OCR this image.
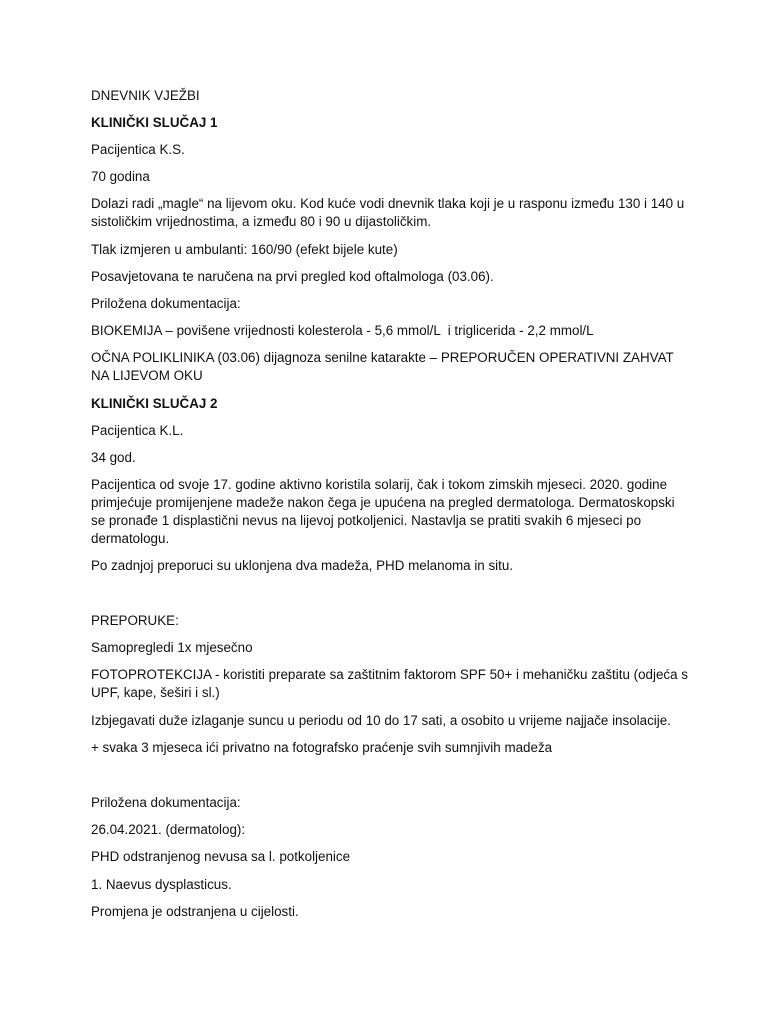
DNEVNIK VJEŽBI

KLINIČKI SLUČAJ 1

Pacijentica K.S.

70 godina

Dolazi radi „magle“ na lijevom oku. Kod kuće vodi dnevnik tlaka koji je u rasponu između 130 i 140 u sistoličkim vrijednostima, a između 80 i 90 u dijastoličkim.

Tlak izmjeren u ambulanti: 160/90 (efekt bijele kute)

Posavjetovana te naručena na prvi pregled kod oftalmologa (03.06).

Priložena dokumentacija:

BIOKEMIJA – povišene vrijednosti kolesterola - 5,6 mmol/L  i triglicerida - 2,2 mmol/L

OČNA POLIKLINIKA (03.06) dijagnoza senilne katarakte – PREPORUČEN OPERATIVNI ZAHVAT NA LIJEVOM OKU

KLINIČKI SLUČAJ 2

Pacijentica K.L.

34 god.

Pacijentica od svoje 17. godine aktivno koristila solarij, čak i tokom zimskih mjeseci. 2020. godine primjećuje promijenjene madeže nakon čega je upućena na pregled dermatologa. Dermatoskopski se pronađe 1 displastični nevus na lijevoj potkoljenici. Nastavlja se pratiti svakih 6 mjeseci po dermatologu.

Po zadnjoj preporuci su uklonjena dva madeža, PHD melanoma in situ.

PREPORUKE:

Samopregledi 1x mjesečno

FOTOPROTEKCIJA - koristiti preparate sa zaštitnim faktorom SPF 50+ i mehaničku zaštitu (odjeća s UPF, kape, šeširi i sl.)

Izbjegavati duže izlaganje suncu u periodu od 10 do 17 sati, a osobito u vrijeme najjače insolacije.

+ svaka 3 mjeseca ići privatno na fotografsko praćenje svih sumnjivih madeža

Priložena dokumentacija:

26.04.2021. (dermatolog):

PHD odstranjenog nevusa sa l. potkoljenice

1. Naevus dysplasticus.

Promjena je odstranjena u cijelosti.
